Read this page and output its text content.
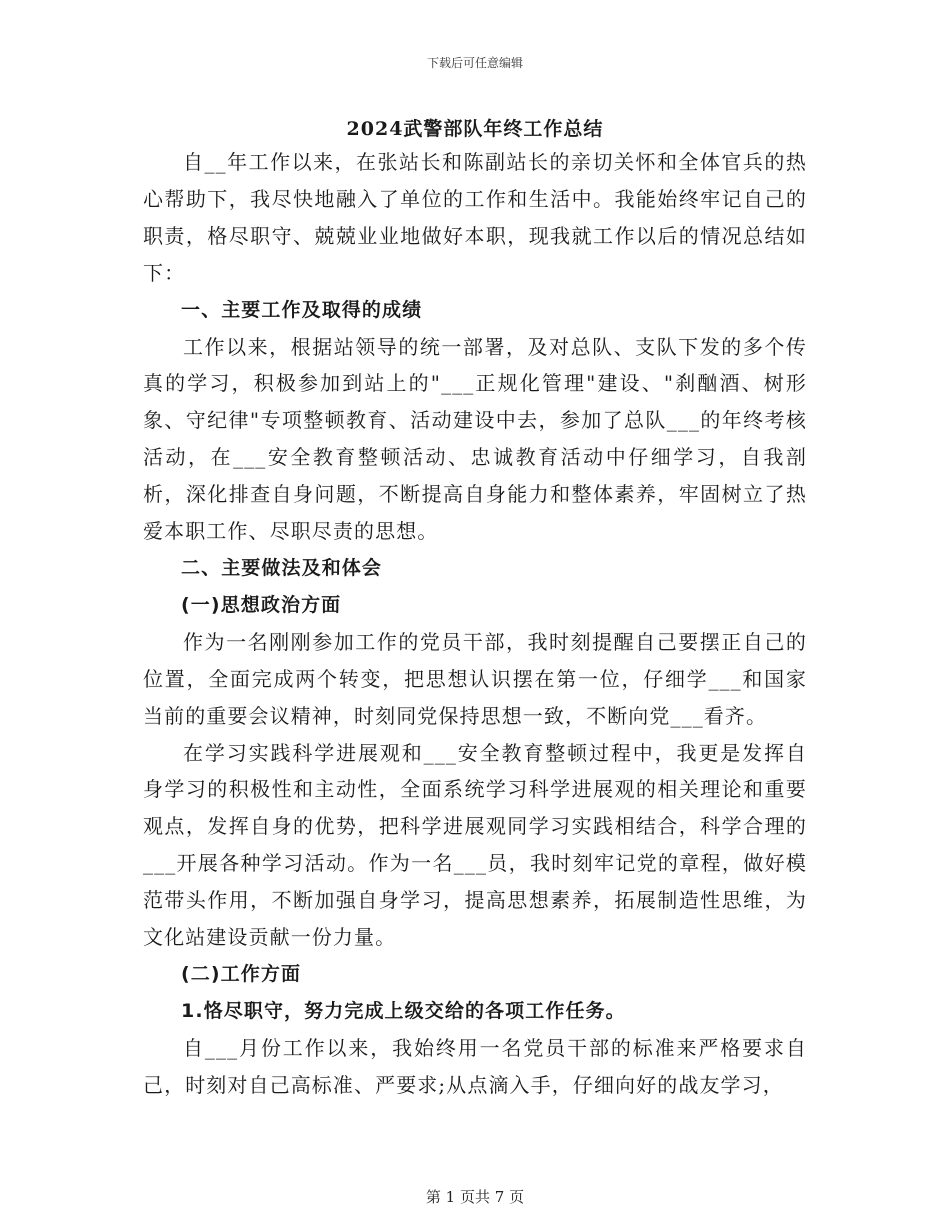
下载后可任意编辑
2024武警部队年终工作总结

自__年工作以来，在张站长和陈副站长的亲切关怀和全体官兵的热心帮助下，我尽快地融入了单位的工作和生活中。我能始终牢记自己的职责，格尽职守、兢兢业业地做好本职，现我就工作以后的情况总结如下：

一、主要工作及取得的成绩

工作以来，根据站领导的统一部署，及对总队、支队下发的多个传真的学习，积极参加到站上的"___正规化管理"建设、"刹酗酒、树形象、守纪律"专项整顿教育、活动建设中去，参加了总队___的年终考核活动，在___安全教育整顿活动、忠诚教育活动中仔细学习，自我剖析，深化排查自身问题，不断提高自身能力和整体素养，牢固树立了热爱本职工作、尽职尽责的思想。

二、主要做法及和体会

(一)思想政治方面

作为一名刚刚参加工作的党员干部，我时刻提醒自己要摆正自己的位置，全面完成两个转变，把思想认识摆在第一位，仔细学___和国家当前的重要会议精神，时刻同党保持思想一致，不断向党___看齐。

在学习实践科学进展观和___安全教育整顿过程中，我更是发挥自身学习的积极性和主动性，全面系统学习科学进展观的相关理论和重要观点，发挥自身的优势，把科学进展观同学习实践相结合，科学合理的___开展各种学习活动。作为一名___员，我时刻牢记党的章程，做好模范带头作用，不断加强自身学习，提高思想素养，拓展制造性思维，为文化站建设贡献一份力量。

(二)工作方面

1.恪尽职守，努力完成上级交给的各项工作任务。

自___月份工作以来，我始终用一名党员干部的标准来严格要求自己，时刻对自己高标准、严要求;从点滴入手，仔细向好的战友学习，

第 1 页共 7 页
